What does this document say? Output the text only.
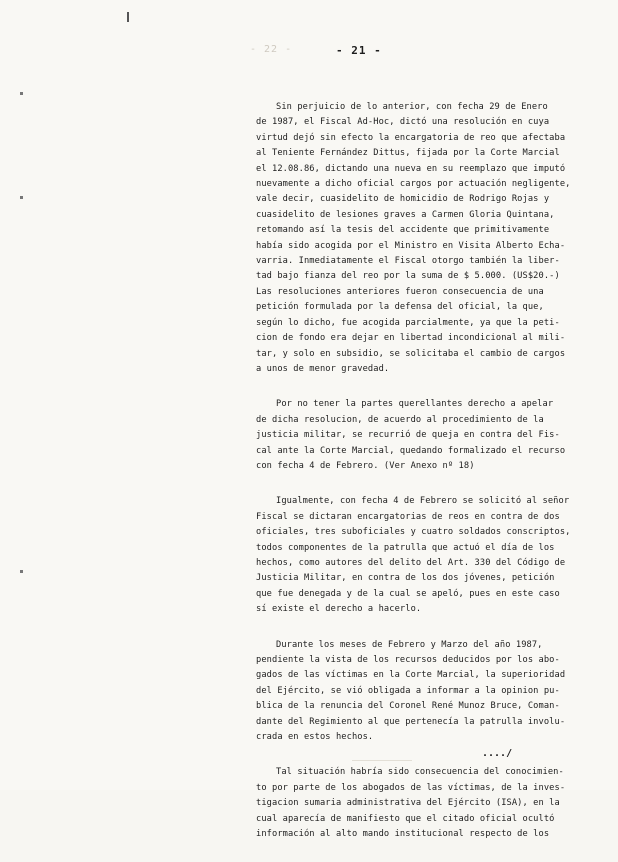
- 22 -	- 21 -
Sin perjuicio de lo anterior, con fecha 29 de Enero
de 1987, el Fiscal Ad-Hoc, dictó una resolución en cuya
virtud dejó sin efecto la encargatoria de reo que afectaba
al Teniente Fernández Dittus, fijada por la Corte Marcial
el 12.08.86, dictando una nueva en su reemplazo que imputó
nuevamente a dicho oficial cargos por actuación negligente,
vale decir, cuasidelito de homicidio de Rodrigo Rojas y
cuasidelito de lesiones graves a Carmen Gloria Quintana,
retomando así la tesis del accidente que primitivamente
había sido acogida por el Ministro en Visita Alberto Echa-
varria. Inmediatamente el Fiscal otorgo también la liber-
tad bajo fianza del reo por la suma de $ 5.000. (US$20.-)
Las resoluciones anteriores fueron consecuencia de una
petición formulada por la defensa del oficial, la que,
según lo dicho, fue acogida parcialmente, ya que la peti-
cion de fondo era dejar en libertad incondicional al mili-
tar, y solo en subsidio, se solicitaba el cambio de cargos
a unos de menor gravedad.
Por no tener la partes querellantes derecho a apelar
de dicha resolucion, de acuerdo al procedimiento de la
justicia militar, se recurrió de queja en contra del Fis-
cal ante la Corte Marcial, quedando formalizado el recurso
con fecha 4 de Febrero. (Ver Anexo nº 18)
Igualmente, con fecha 4 de Febrero se solicitó al señor
Fiscal se dictaran encargatorias de reos en contra de dos
oficiales, tres suboficiales y cuatro soldados conscriptos,
todos componentes de la patrulla que actuó el día de los
hechos, como autores del delito del Art. 330 del Código de
Justicia Militar, en contra de los dos jóvenes, petición
que fue denegada y de la cual se apeló, pues en este caso
sí existe el derecho a hacerlo.
Durante los meses de Febrero y Marzo del año 1987,
pendiente la vista de los recursos deducidos por los abo-
gados de las víctimas en la Corte Marcial, la superioridad
del Ejército, se vió obligada a informar a la opinion pu-
blica de la renuncia del Coronel René Munoz Bruce, Coman-
dante del Regimiento al que pertenecía la patrulla involu-
crada en estos hechos.
Tal situación habría sido consecuencia del conocimien-
to por parte de los abogados de las víctimas, de la inves-
tigacion sumaria administrativa del Ejército (ISA), en la
cual aparecía de manifiesto que el citado oficial ocultó
información al alto mando institucional respecto de los
..../
